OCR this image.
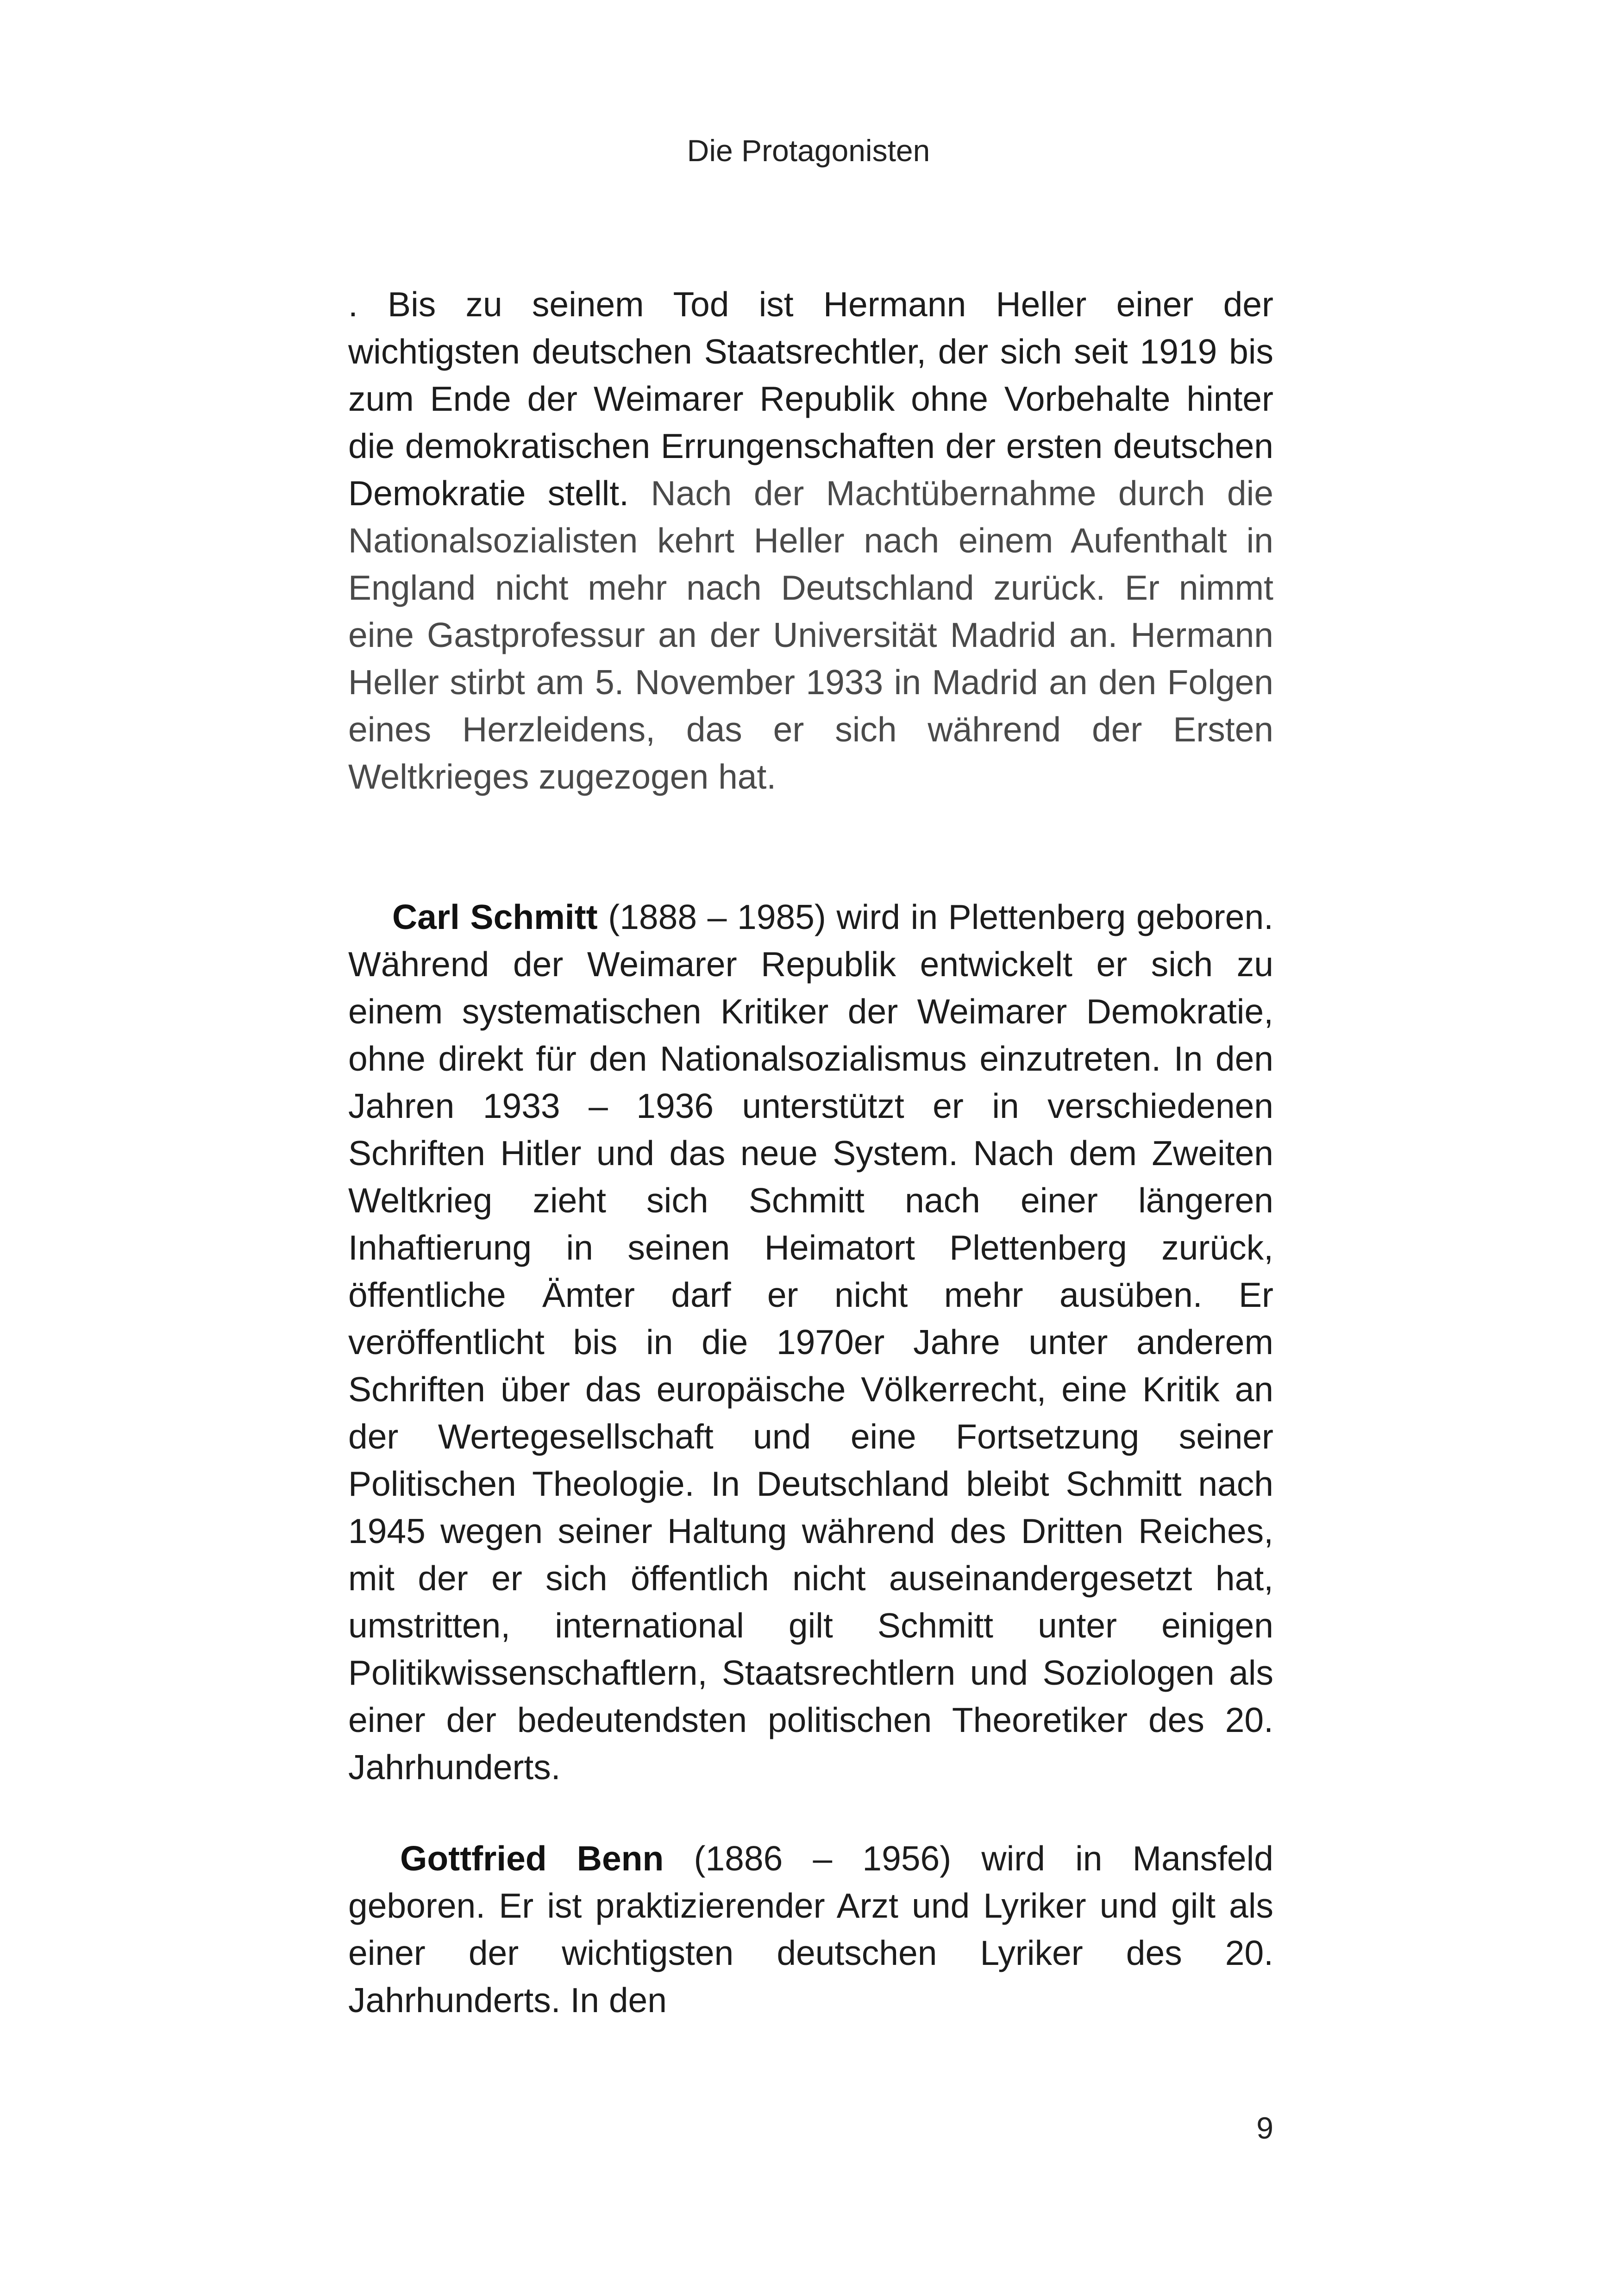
Die Protagonisten

. Bis zu seinem Tod ist Hermann Heller einer der wichtigsten deutschen Staatsrechtler, der sich seit 1919 bis zum Ende der Weimarer Republik ohne Vorbehalte hinter die demokratischen Errungenschaften der ersten deutschen Demokratie stellt. Nach der Machtübernahme durch die Nationalsozialisten kehrt Heller nach einem Aufenthalt in England nicht mehr nach Deutschland zurück. Er nimmt eine Gastprofessur an der Universität Madrid an. Hermann Heller stirbt am 5. November 1933 in Madrid an den Folgen eines Herzleidens, das er sich während der Ersten Weltkrieges zugezogen hat.

Carl Schmitt (1888 – 1985) wird in Plettenberg geboren. Während der Weimarer Republik entwickelt er sich zu einem systematischen Kritiker der Weimarer Demokratie, ohne direkt für den Nationalsozialismus einzutreten. In den Jahren 1933 – 1936 unterstützt er in verschiedenen Schriften Hitler und das neue System. Nach dem Zweiten Weltkrieg zieht sich Schmitt nach einer längeren Inhaftierung in seinen Heimatort Plettenberg zurück, öffentliche Ämter darf er nicht mehr ausüben. Er veröffentlicht bis in die 1970er Jahre unter anderem Schriften über das europäische Völkerrecht, eine Kritik an der Wertegesellschaft und eine Fortsetzung seiner Politischen Theologie. In Deutschland bleibt Schmitt nach 1945 wegen seiner Haltung während des Dritten Reiches, mit der er sich öffentlich nicht auseinandergesetzt hat, umstritten, international gilt Schmitt unter einigen Politikwissenschaftlern, Staatsrechtlern und Soziologen als einer der bedeutendsten politischen Theoretiker des 20. Jahrhunderts.

Gottfried Benn (1886 – 1956) wird in Mansfeld geboren. Er ist praktizierender Arzt und Lyriker und gilt als einer der wichtigsten deutschen Lyriker des 20. Jahrhunderts. In den

9
